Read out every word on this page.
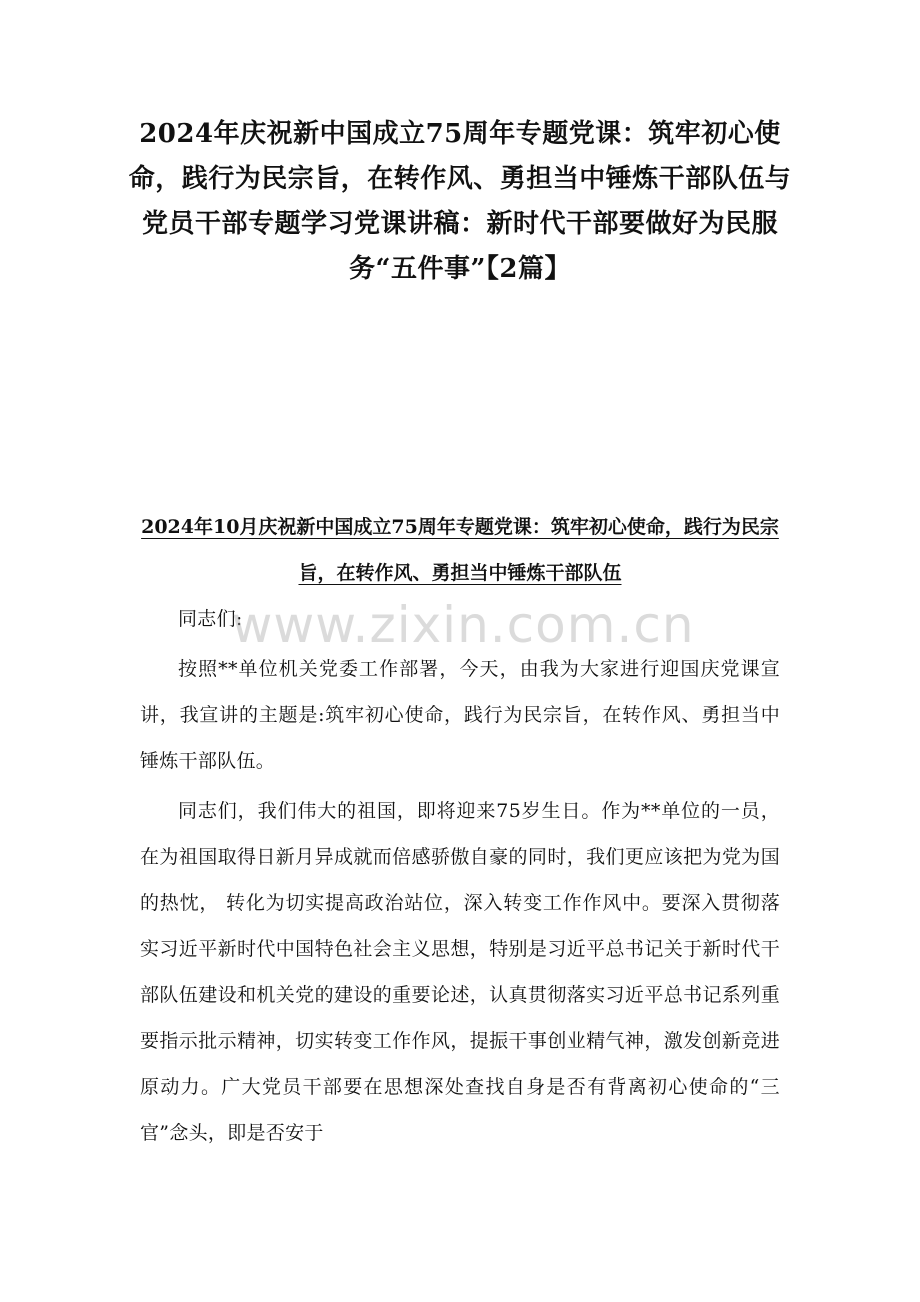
2024年庆祝新中国成立75周年专题党课：筑牢初心使命，践行为民宗旨，在转作风、勇担当中锤炼干部队伍与党员干部专题学习党课讲稿：新时代干部要做好为民服务“五件事”【2篇】
2024年10月庆祝新中国成立75周年专题党课：筑牢初心使命，践行为民宗旨，在转作风、勇担当中锤炼干部队伍
www.zixin.com.cn

同志们:

按照**单位机关党委工作部署，今天，由我为大家进行迎国庆党课宣讲，我宣讲的主题是:筑牢初心使命，践行为民宗旨，在转作风、勇担当中锤炼干部队伍。

同志们，我们伟大的祖国，即将迎来75岁生日。作为**单位的一员，在为祖国取得日新月异成就而倍感骄傲自豪的同时，我们更应该把为党为国的热忱， 转化为切实提高政治站位，深入转变工作作风中。要深入贯彻落实习近平新时代中国特色社会主义思想，特别是习近平总书记关于新时代干部队伍建设和机关党的建设的重要论述，认真贯彻落实习近平总书记系列重要指示批示精神，切实转变工作作风，提振干事创业精气神，激发创新竞进原动力。广大党员干部要在思想深处查找自身是否有背离初心使命的“三官”念头，即是否安于
